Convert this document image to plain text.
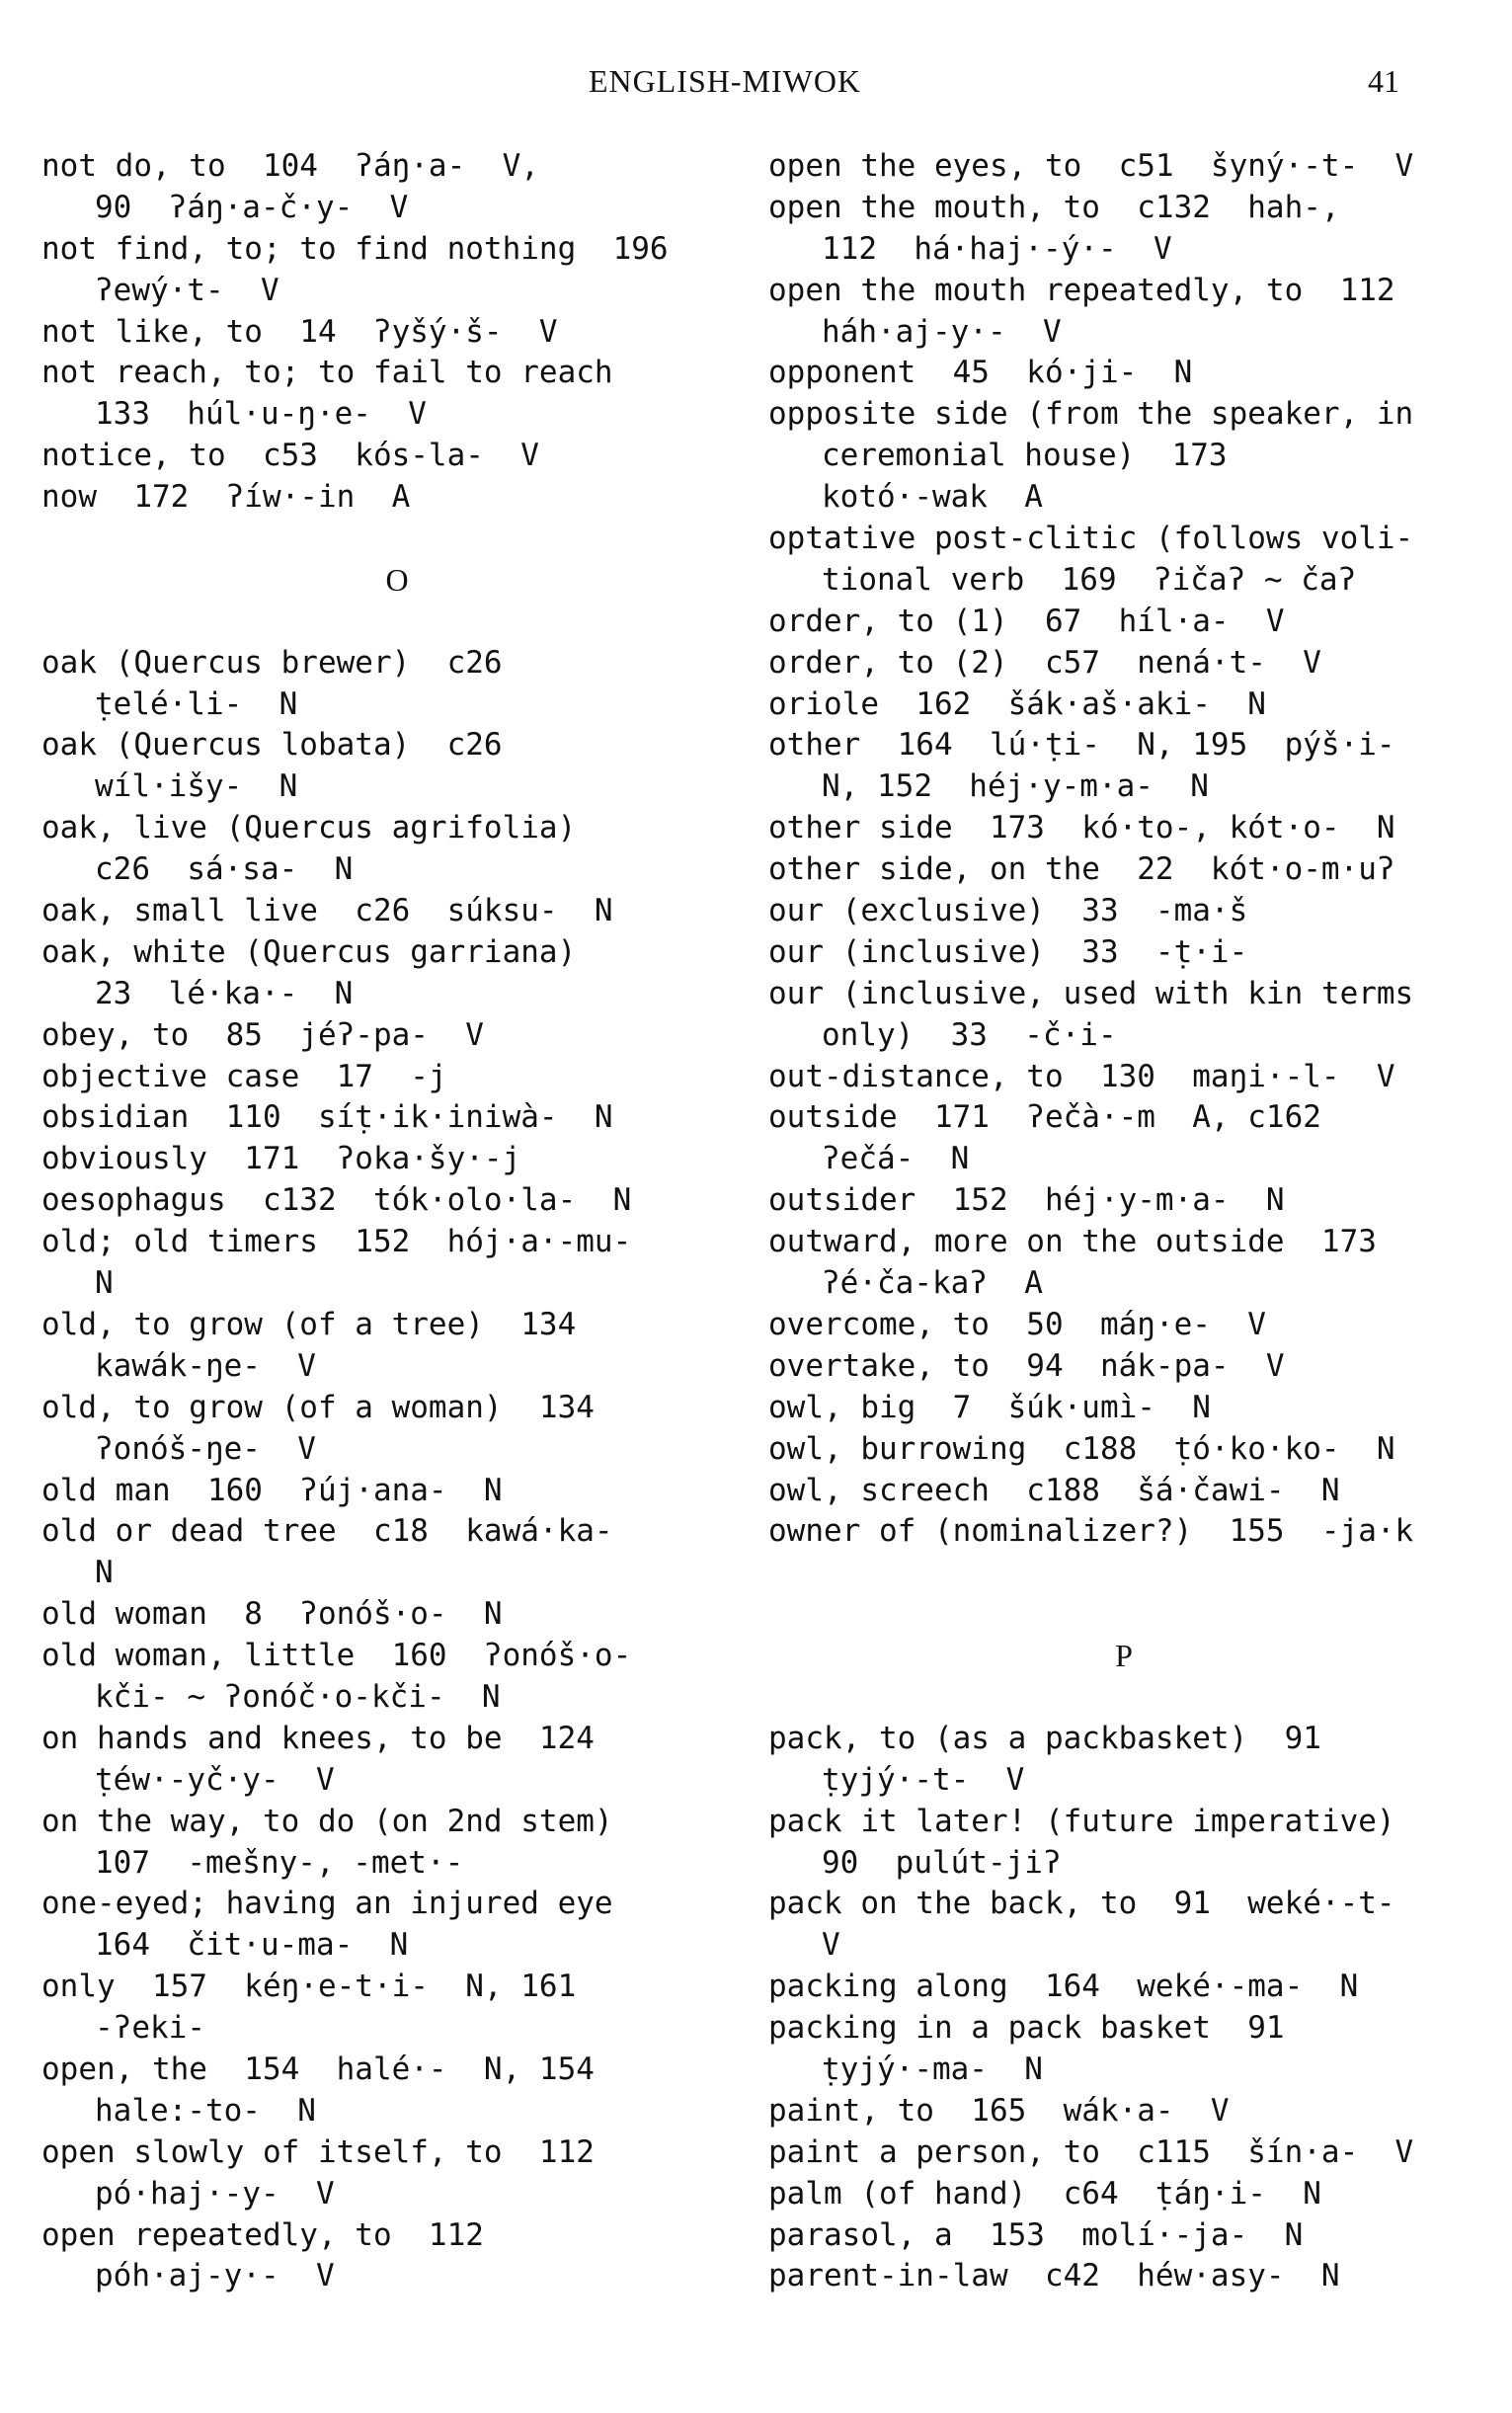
ENGLISH-MIWOK	41
not do, to  104  ʔáŋ·a-  V,
90  ʔáŋ·a-č·y-  V
not find, to; to find nothing  196
ʔewý·t-  V
not like, to  14  ʔyšý·š-  V
not reach, to; to fail to reach
133  húl·u-ŋ·e-  V
notice, to  c53  kós-la-  V
now  172  ʔíw·-in  A
O
oak (Quercus brewer)  c26
ṭelé·li-  N
oak (Quercus lobata)  c26
wíl·išy-  N
oak, live (Quercus agrifolia)
c26  sá·sa-  N
oak, small live  c26  súksu-  N
oak, white (Quercus garriana)
23  lé·ka·-  N
obey, to  85  jéʔ-pa-  V
objective case  17  -j
obsidian  110  síṭ·ik·iniwà-  N
obviously  171  ʔoka·šy·-j
oesophagus  c132  tók·olo·la-  N
old; old timers  152  hój·a·-mu-
N
old, to grow (of a tree)  134
kawák-ŋe-  V
old, to grow (of a woman)  134
ʔonóš-ŋe-  V
old man  160  ʔúj·ana-  N
old or dead tree  c18  kawá·ka-
N
old woman  8  ʔonóš·o-  N
old woman, little  160  ʔonóš·o-
kči- ~ ʔonóč·o-kči-  N
on hands and knees, to be  124
ṭéw·-yč·y-  V
on the way, to do (on 2nd stem)
107  -mešny-, -met·-
one-eyed; having an injured eye
164  čit·u-ma-  N
only  157  kéŋ·e-t·i-  N, 161
-ʔeki-
open, the  154  halé·-  N, 154
hale:-to-  N
open slowly of itself, to  112
pó·haj·-y-  V
open repeatedly, to  112
póh·aj-y·-  V
open the eyes, to  c51  šyný·-t-  V
open the mouth, to  c132  hah-,
112  há·haj·-ý·-  V
open the mouth repeatedly, to  112
háh·aj-y·-  V
opponent  45  kó·ji-  N
opposite side (from the speaker, in
ceremonial house)  173
kotó·-wak  A
optative post-clitic (follows voli-
tional verb  169  ʔičaʔ ~ čaʔ
order, to (1)  67  híl·a-  V
order, to (2)  c57  nená·t-  V
oriole  162  šák·aš·aki-  N
other  164  lú·ṭi-  N, 195  pýš·i-
N, 152  héj·y-m·a-  N
other side  173  kó·to-, kót·o-  N
other side, on the  22  kót·o-m·uʔ
our (exclusive)  33  -ma·š
our (inclusive)  33  -ṭ·i-
our (inclusive, used with kin terms
only)  33  -č·i-
out-distance, to  130  maŋi·-l-  V
outside  171  ʔečà·-m  A, c162
ʔečá-  N
outsider  152  héj·y-m·a-  N
outward, more on the outside  173
ʔé·ča-kaʔ  A
overcome, to  50  máŋ·e-  V
overtake, to  94  nák-pa-  V
owl, big  7  šúk·umì-  N
owl, burrowing  c188  ṭó·ko·ko-  N
owl, screech  c188  šá·čawi-  N
owner of (nominalizer?)  155  -ja·k
P
pack, to (as a packbasket)  91
ṭyjý·-t-  V
pack it later! (future imperative)
90  pulút-jiʔ
pack on the back, to  91  weké·-t-
V
packing along  164  weké·-ma-  N
packing in a pack basket  91
ṭyjý·-ma-  N
paint, to  165  wák·a-  V
paint a person, to  c115  šín·a-  V
palm (of hand)  c64  ṭáŋ·i-  N
parasol, a  153  molí·-ja-  N
parent-in-law  c42  héw·asy-  N
